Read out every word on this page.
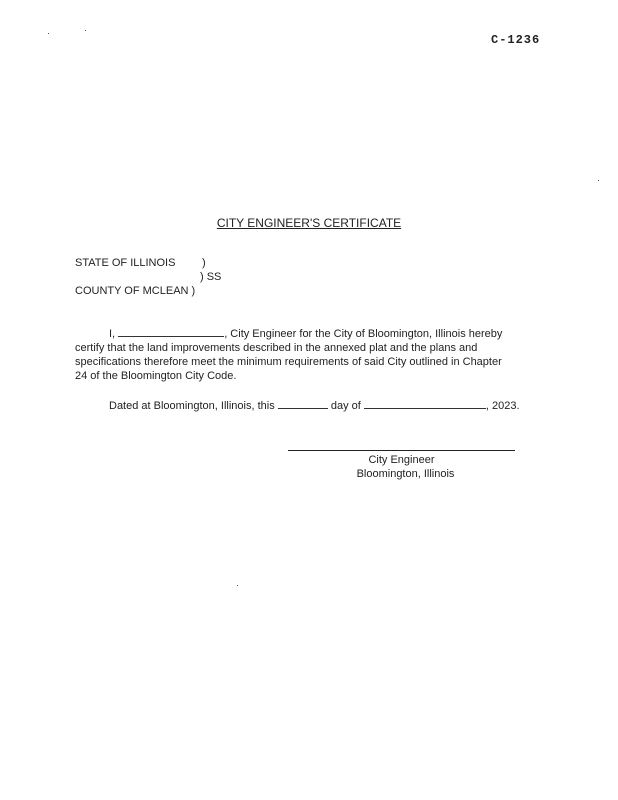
C-1236
CITY ENGINEER'S CERTIFICATE
STATE OF ILLINOIS )
) SS
COUNTY OF MCLEAN )
I,	, City Engineer for the City of Bloomington, Illinois hereby
certify that the land improvements described in the annexed plat and the plans and
specifications therefore meet the minimum requirements of said City outlined in Chapter
24 of the Bloomington City Code.
Dated at Bloomington, Illinois, this	day of	, 2023.
City Engineer
Bloomington, Illinois
